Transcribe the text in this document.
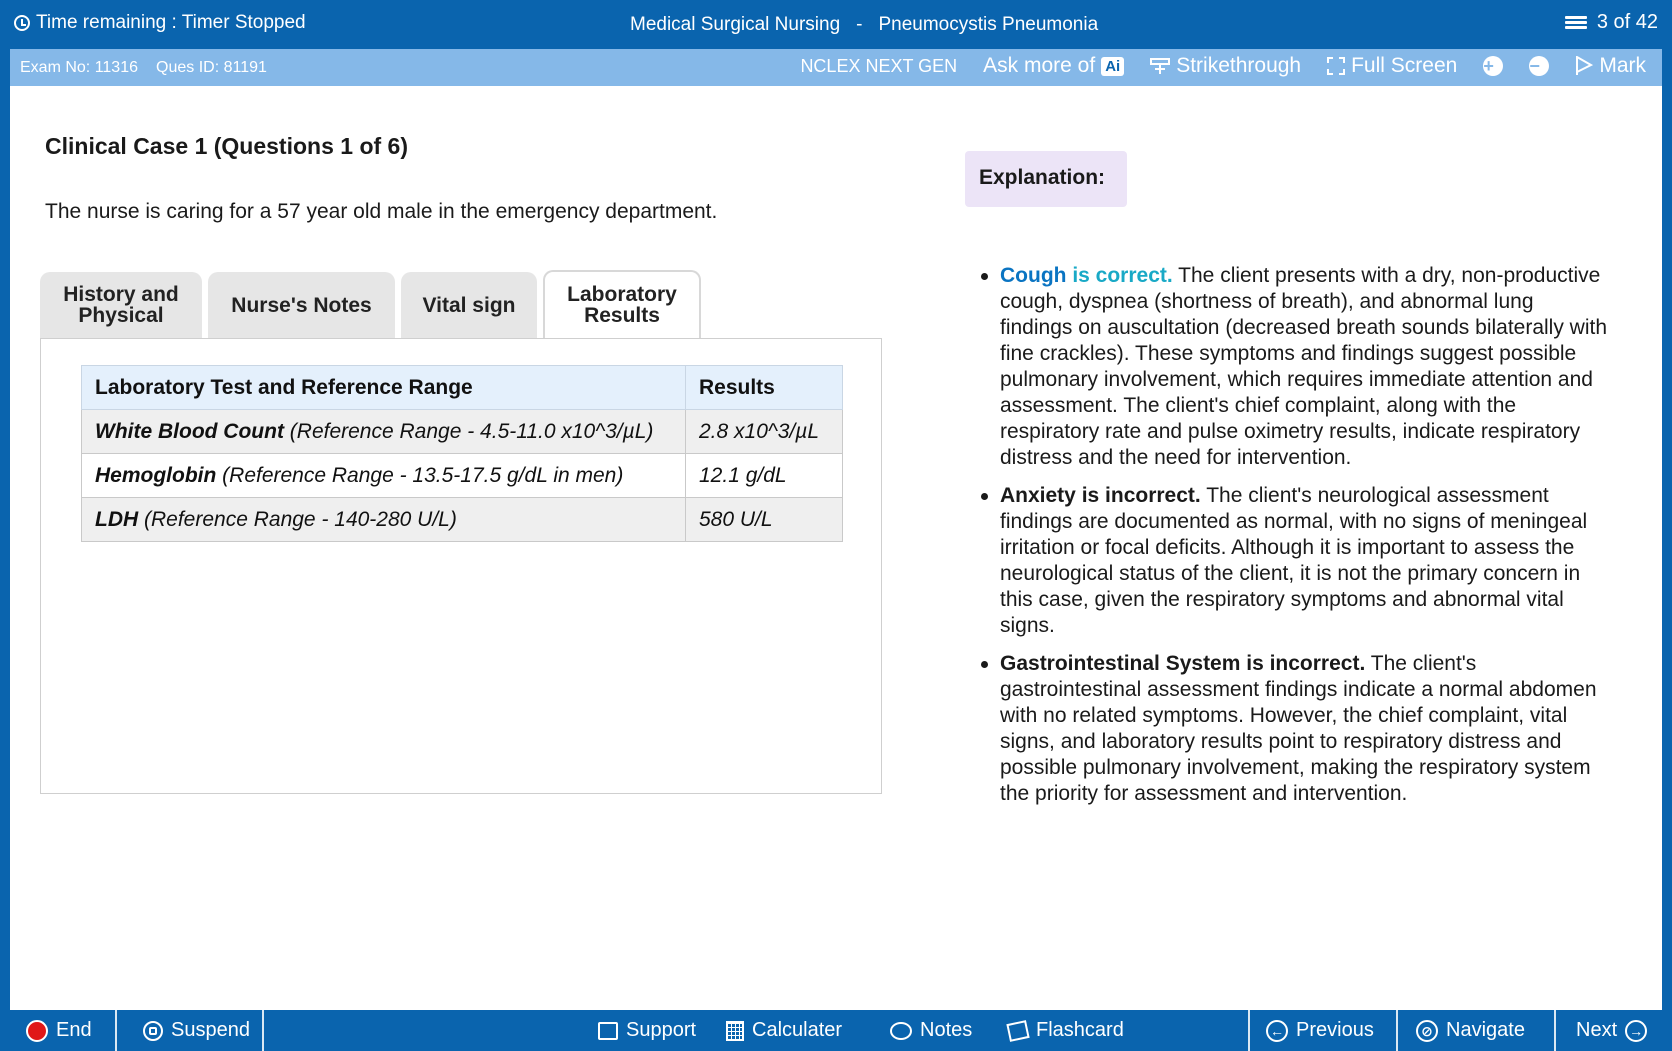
Time remaining : Timer Stopped	Medical Surgical Nursing - Pneumocystis Pneumonia	3 of 42
Exam No: 11316 Ques ID: 81191	NCLEX NEXT GEN Ask more of Ai	Strikethrough Full Screen +	−	Mark
Clinical Case 1 (Questions 1 of 6)
The nurse is caring for a 57 year old male in the emergency department.
History and
Physical	Nurse's Notes Vital sign Laboratory
Results
Laboratory Test and Reference Range	Results
White Blood Count (Reference Range - 4.5-11.0 x10^3/µL)	2.8 x10^3/µL
Hemoglobin (Reference Range - 13.5-17.5 g/dL in men)	12.1 g/dL
LDH (Reference Range - 140-280 U/L)	580 U/L
Explanation:
Cough is correct. The client presents with a dry, non-productive cough, dyspnea (shortness of breath), and abnormal lung findings on auscultation (decreased breath sounds bilaterally with fine crackles). These symptoms and findings suggest possible pulmonary involvement, which requires immediate attention and assessment. The client's chief complaint, along with the respiratory rate and pulse oximetry results, indicate respiratory distress and the need for intervention.
Anxiety is incorrect. The client's neurological assessment findings are documented as normal, with no signs of meningeal irritation or focal deficits. Although it is important to assess the neurological status of the client, it is not the primary concern in this case, given the respiratory symptoms and abnormal vital signs.
Gastrointestinal System is incorrect. The client's gastrointestinal assessment findings indicate a normal abdomen with no related symptoms. However, the chief complaint, vital signs, and laboratory results point to respiratory distress and possible pulmonary involvement, making the respiratory system the priority for assessment and intervention.
End	Suspend	Support	Calculater	Notes	Flashcard	← Previous	⊘ Navigate	Next →
